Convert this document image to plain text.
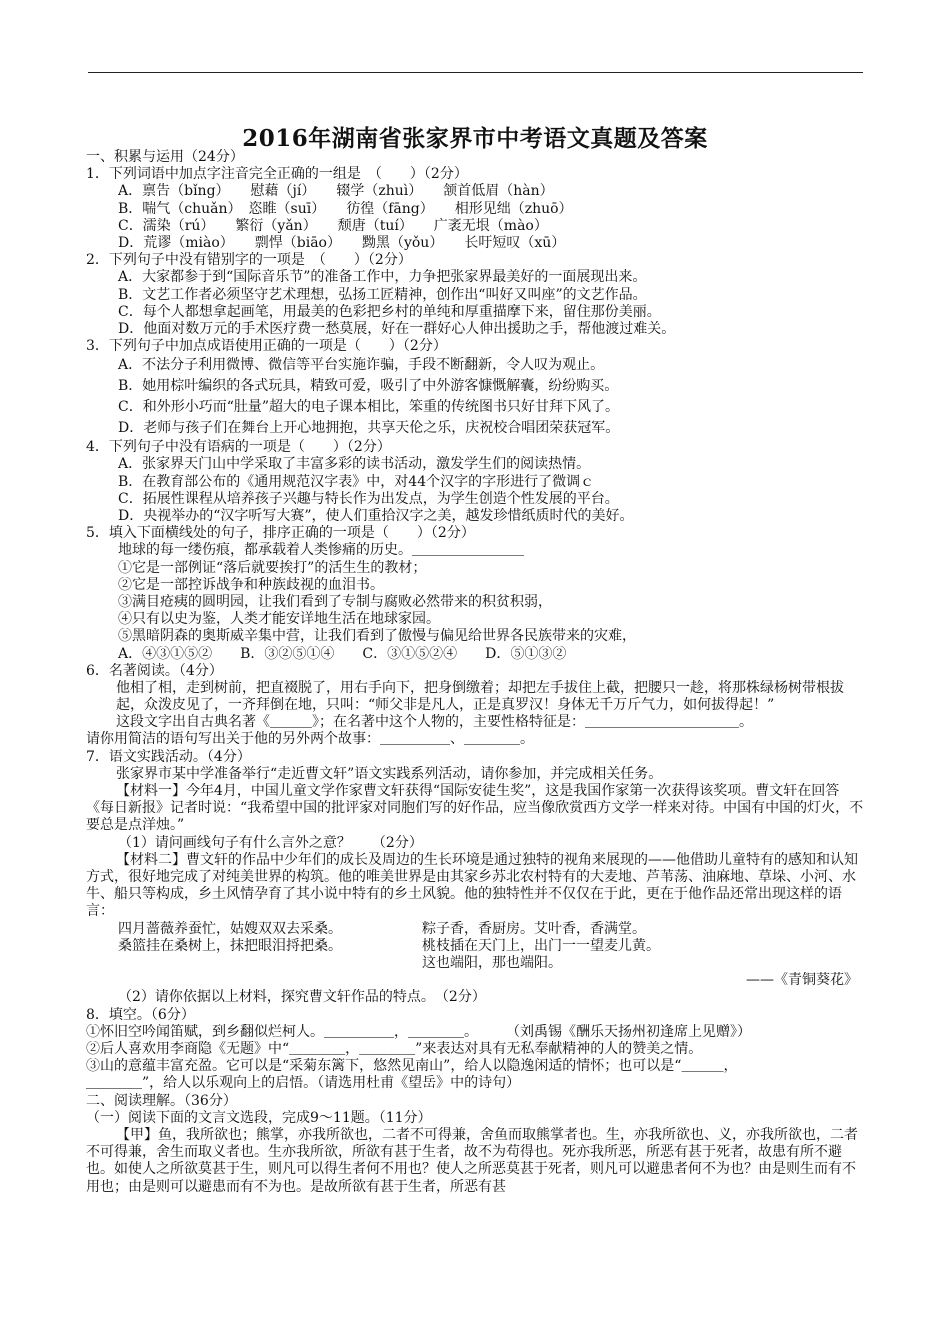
2016年湖南省张家界市中考语文真题及答案
一、积累与运用（24分）
1．下列词语中加点字注音完全正确的一组是　（　　）（2分）
A．禀告（bǐng）　　慰藉（jí）　　辍学（zhuì）　　颔首低眉（hàn）
B．喘气（chuǎn）　恣睢（suī）　　彷徨（fāng）　　相形见绌（zhuō）
C．濡染（rú）　　繁衍（yǎn）　　颓唐（tuí）　　广袤无垠（mào）
D．荒谬（miào）　　剽悍（biāo）　　黝黑（yǒu）　　长吁短叹（xū）
2．下列句子中没有错别字的一项是　（　　）（2分）
A．大家都参于到“国际音乐节”的准备工作中，力争把张家界最美好的一面展现出来。
B．文艺工作者必须坚守艺术理想，弘扬工匠精神，创作出“叫好又叫座”的文艺作品。
C．每个人都想拿起画笔，用最美的色彩把乡村的单纯和厚重描摩下来，留住那份美丽。
D．他面对数万元的手术医疗费一愁莫展，好在一群好心人伸出援助之手，帮他渡过难关。
3．下列句子中加点成语使用正确的一项是（　　）（2分）
A．不法分子利用微博、微信等平台实施诈骗，手段不断翻新，令人叹为观止。
B．她用棕叶编织的各式玩具，精致可爱，吸引了中外游客慷慨解囊，纷纷购买。
C．和外形小巧而“肚量”超大的电子课本相比，笨重的传统图书只好甘拜下风了。
D．老师与孩子们在舞台上开心地拥抱，共享天伦之乐，庆祝校合唱团荣获冠军。
4．下列句子中没有语病的一项是（　　）（2分）
A．张家界天门山中学采取了丰富多彩的读书活动，激发学生们的阅读热情。
B．在教育部公布的《通用规范汉字表》中，对44个汉字的字形进行了微调ｃ
C．拓展性课程从培养孩子兴趣与特长作为出发点，为学生创造个性发展的平台。
D．央视举办的“汉字听写大赛”，使人们重拾汉字之美，越发珍惜纸质时代的美好。
5．填入下面横线处的句子，排序正确的一项是（　　）（2分）
地球的每一缕伤痕，都承载着人类惨痛的历史。＿＿＿＿＿＿＿＿
①它是一部例证“落后就要挨打”的活生生的教材；
②它是一部控诉战争和种族歧视的血泪书。
③满目疮痍的圆明园，让我们看到了专制与腐败必然带来的积贫积弱，
④只有以史为鉴，人类才能安详地生活在地球家园。
⑤黑暗阴森的奥斯威辛集中营，让我们看到了傲慢与偏见给世界各民族带来的灾难，
A．④③①⑤②　　B．③②⑤①④　　C．③①⑤②④　　D．⑤①③②
6．名著阅读。（4分）
他相了相，走到树前，把直裰脱了，用右手向下，把身倒缴着；却把左手拔住上截，把腰只一趁，将那株绿杨树带根拔起，众泼皮见了，一齐拜倒在地，只叫：“师父非是凡人，正是真罗汉！身体无千万斤气力，如何拔得起！”
这段文字出自古典名著《＿＿＿》；在名著中这个人物的，主要性格特征是：＿＿＿＿＿＿＿＿＿＿＿。
请你用简洁的语句写出关于他的另外两个故事：＿＿＿＿＿、＿＿＿＿。
7．语文实践活动。（4分）
张家界市某中学准备举行“走近曹文轩”语文实践系列活动，请你参加，并完成相关任务。
【材料一】今年4月，中国儿童文学作家曹文轩获得“国际安徒生奖”，这是我国作家第一次获得该奖项。曹文轩在回答《每日新报》记者时说：“我希望中国的批评家对同胞们写的好作品，应当像欣赏西方文学一样来对待。中国有中国的灯火，不要总是点洋烛。”
（1）请问画线句子有什么言外之意？　　（2分）
【材料二】曹文轩的作品中少年们的成长及周边的生长环境是通过独特的视角来展现的——他借助儿童特有的感知和认知方式，很好地完成了对纯美世界的构筑。他的唯美世界是由其家乡苏北农村特有的大麦地、芦苇荡、油麻地、草垛、小河、水牛、船只等构成，乡土风情孕育了其小说中特有的乡土风貌。他的独特性并不仅仅在于此，更在于他作品还常出现这样的语言：
四月蔷薇养蚕忙，姑嫂双双去采桑。	粽子香，香厨房。艾叶香，香满堂。
桑篮挂在桑树上，抹把眼泪捋把桑。	桃枝插在天门上，出门一一望麦儿黄。
这也端阳，那也端阳。
——《青铜葵花》
（2）请你依据以上材料，探究曹文轩作品的特点。　（2分）
8．填空。（6分）
①怀旧空吟闻笛赋，到乡翻似烂柯人。＿＿＿＿＿，＿＿＿＿。　　　（刘禹锡《酬乐天扬州初逢席上见赠》）
②后人喜欢用李商隐《无题》中“＿＿＿＿，＿＿＿＿”来表达对具有无私奉献精神的人的赞美之情。
③山的意蕴丰富充盈。它可以是“采菊东篱下，悠然见南山”，给人以隐逸闲适的情怀；也可以是“＿＿＿，
＿＿＿＿”，给人以乐观向上的启悟。（请选用杜甫《望岳》中的诗句）
二、阅读理解。（36分）
（一）阅读下面的文言文选段，完成9～11题。（11分）
【甲】鱼，我所欲也；熊掌，亦我所欲也，二者不可得兼，舍鱼而取熊掌者也。生，亦我所欲也、义，亦我所欲也，二者不可得兼，舍生而取义者也。生亦我所欲，所欲有甚于生者，故不为苟得也。死亦我所恶，所恶有甚于死者，故患有所不避也。如使人之所欲莫甚于生，则凡可以得生者何不用也？使人之所恶莫甚于死者，则凡可以避患者何不为也？由是则生而有不用也；由是则可以避患而有不为也。是故所欲有甚于生者，所恶有甚
